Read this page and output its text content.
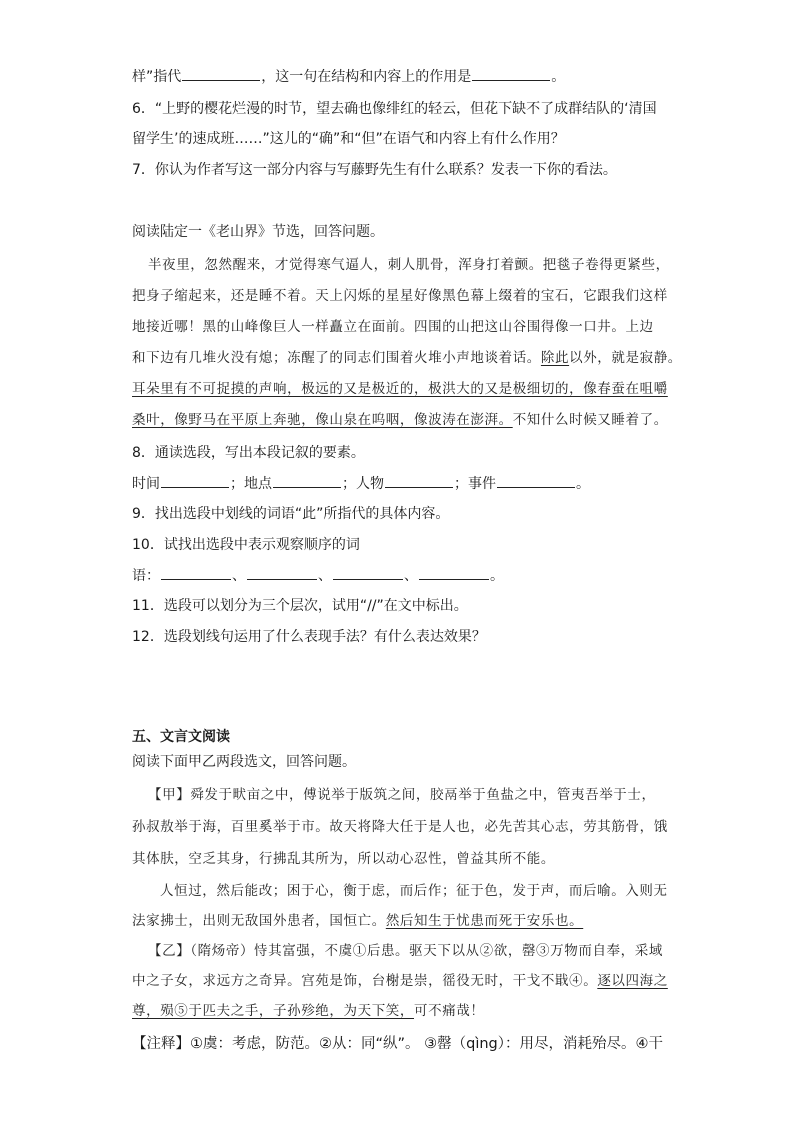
样”指代	，这一句在结构和内容上的作用是	。
6．“上野的樱花烂漫的时节，望去确也像绯红的轻云，但花下缺不了成群结队的‘清国
留学生’的速成班……”这儿的“确”和“但”在语气和内容上有什么作用？
7．你认为作者写这一部分内容与写藤野先生有什么联系？发表一下你的看法。
阅读陆定一《老山界》节选，回答问题。
半夜里，忽然醒来，才觉得寒气逼人，刺人肌骨，浑身打着颤。把毯子卷得更紧些，
把身子缩起来，还是睡不着。天上闪烁的星星好像黑色幕上缀着的宝石，它跟我们这样
地接近哪！黑的山峰像巨人一样矗立在面前。四围的山把这山谷围得像一口井。上边
和下边有几堆火没有熄；冻醒了的同志们围着火堆小声地谈着话。除此以外，就是寂静。
耳朵里有不可捉摸的声响，极远的又是极近的，极洪大的又是极细切的，像春蚕在咀嚼
桑叶，像野马在平原上奔驰，像山泉在呜咽，像波涛在澎湃。不知什么时候又睡着了。
8．通读选段，写出本段记叙的要素。
时间	；地点	；人物	；事件	。
9．找出选段中划线的词语“此”所指代的具体内容。
10．试找出选段中表示观察顺序的词
语：	、	、	、	。
11．选段可以划分为三个层次，试用“//”在文中标出。
12．选段划线句运用了什么表现手法？有什么表达效果？
五、文言文阅读
阅读下面甲乙两段选文，回答问题。
【甲】舜发于畎亩之中，傅说举于版筑之间，胶鬲举于鱼盐之中，管夷吾举于士，
孙叔敖举于海，百里奚举于市。故天将降大任于是人也，必先苦其心志，劳其筋骨，饿
其体肤，空乏其身，行拂乱其所为，所以动心忍性，曾益其所不能。
人恒过，然后能改；困于心，衡于虑，而后作；征于色，发于声，而后喻。入则无
法家拂士，出则无敌国外患者，国恒亡。然后知生于忧患而死于安乐也。
【乙】（隋炀帝）恃其富强，不虞①后患。驱天下以从②欲，罄③万物而自奉，采域
中之子女，求远方之奇异。宫苑是饰，台榭是崇，徭役无时，干戈不戢④。逐以四海之
尊，殒⑤于匹夫之手，子孙殄绝，为天下笑，可不痛哉！
【注释】①虞：考虑，防范。②从：同“纵”。 ③罄（qìng）：用尽，消耗殆尽。④干
